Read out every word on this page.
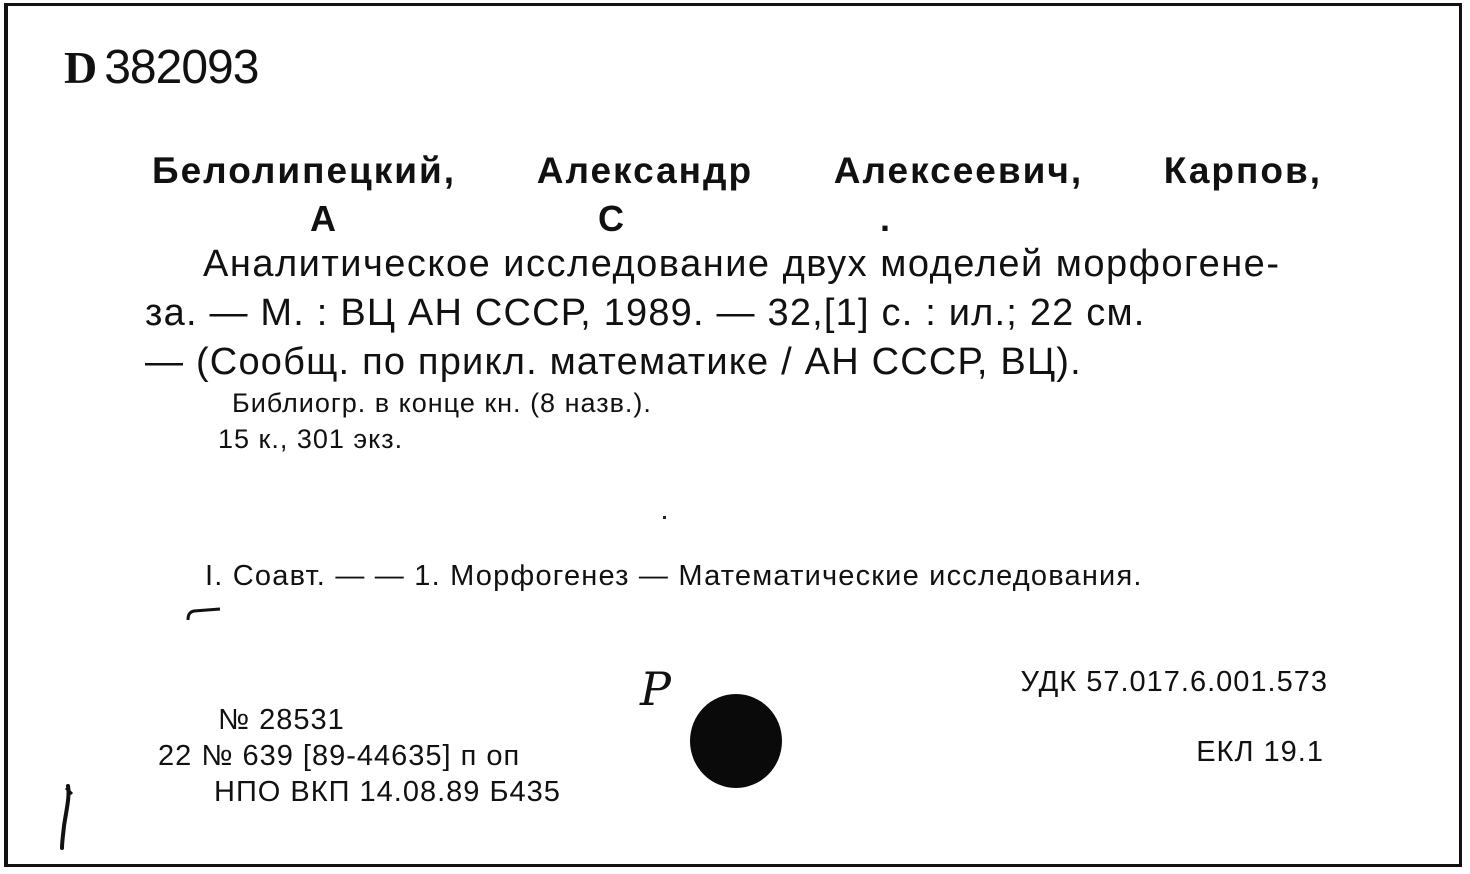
D 382093
Белолипецкий, Александр Алексеевич, Карпов,
А	С	.
Аналитическое исследование двух моделей морфогене-
за. — М. : ВЦ АН СССР, 1989. — 32,[1] с. : ил.; 22 см.
— (Сообщ. по прикл. математике / АН СССР, ВЦ).
Библиогр. в конце кн. (8 назв.).
15 к., 301 экз.
I. Соавт. — — 1. Морфогенез — Математические исследования.
P	УДК 57.017.6.001.573
ЕКЛ 19.1
№ 28531
22 № 639 [89-44635] п оп
НПО ВКП 14.08.89 Б435
